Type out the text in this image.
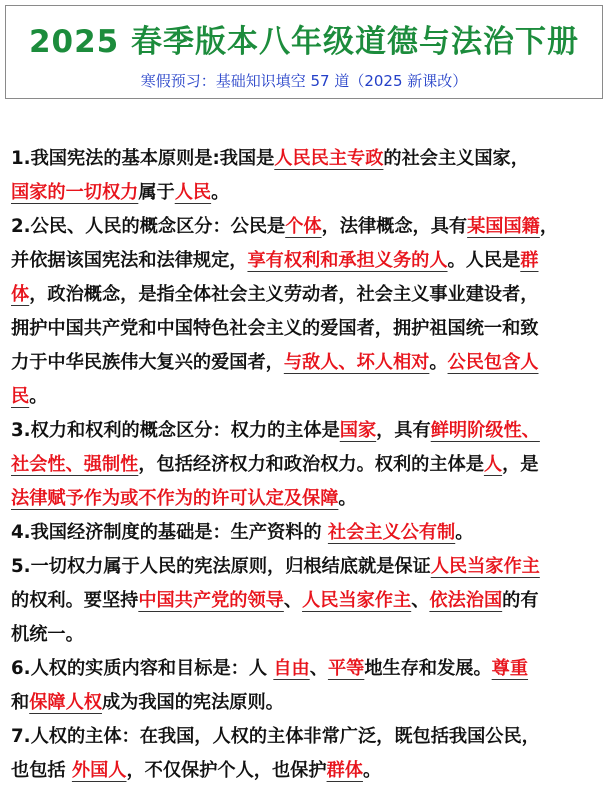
2025 春季版本八年级道德与法治下册
寒假预习：基础知识填空 57 道（2025 新课改）
1.我国宪法的基本原则是:我国是人民民主专政的社会主义国家，
国家的一切权力属于人民。
2.公民、人民的概念区分：公民是个体，法律概念，具有某国国籍，
并依据该国宪法和法律规定，享有权利和承担义务的人。人民是群
体，政治概念，是指全体社会主义劳动者，社会主义事业建设者，
拥护中国共产党和中国特色社会主义的爱国者，拥护祖国统一和致
力于中华民族伟大复兴的爱国者，与敌人、坏人相对。公民包含人
民。
3.权力和权利的概念区分：权力的主体是国家，具有鲜明阶级性、
社会性、强制性，包括经济权力和政治权力。权利的主体是人，是
法律赋予作为或不作为的许可认定及保障。
4.我国经济制度的基础是：生产资料的 社会主义公有制。
5.一切权力属于人民的宪法原则，归根结底就是保证人民当家作主
的权利。要坚持中国共产党的领导、人民当家作主、依法治国的有
机统一。
6.人权的实质内容和目标是：人 自由、平等地生存和发展。尊重
和保障人权成为我国的宪法原则。
7.人权的主体：在我国，人权的主体非常广泛，既包括我国公民，
也包括 外国人，不仅保护个人，也保护群体。
